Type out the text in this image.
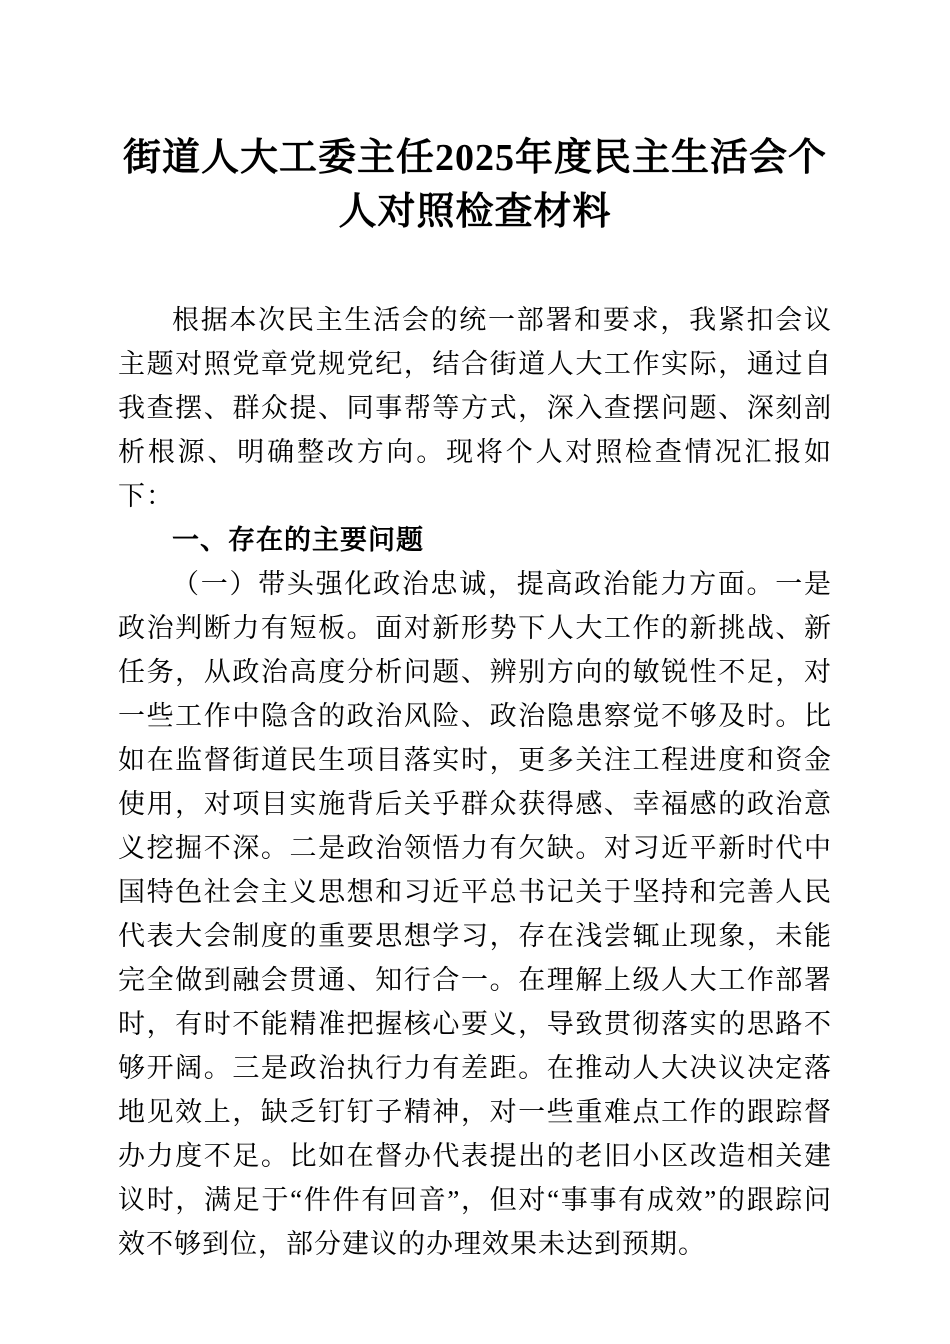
街道人大工委主任2025年度民主生活会个人对照检查材料

根据本次民主生活会的统一部署和要求，我紧扣会议主题对照党章党规党纪，结合街道人大工作实际，通过自我查摆、群众提、同事帮等方式，深入查摆问题、深刻剖析根源、明确整改方向。现将个人对照检查情况汇报如下：

一、存在的主要问题

（一）带头强化政治忠诚，提高政治能力方面。一是政治判断力有短板。面对新形势下人大工作的新挑战、新任务，从政治高度分析问题、辨别方向的敏锐性不足，对一些工作中隐含的政治风险、政治隐患察觉不够及时。比如在监督街道民生项目落实时，更多关注工程进度和资金使用，对项目实施背后关乎群众获得感、幸福感的政治意义挖掘不深。二是政治领悟力有欠缺。对习近平新时代中国特色社会主义思想和习近平总书记关于坚持和完善人民代表大会制度的重要思想学习，存在浅尝辄止现象，未能完全做到融会贯通、知行合一。在理解上级人大工作部署时，有时不能精准把握核心要义，导致贯彻落实的思路不够开阔。三是政治执行力有差距。在推动人大决议决定落地见效上，缺乏钉钉子精神，对一些重难点工作的跟踪督办力度不足。比如在督办代表提出的老旧小区改造相关建议时，满足于“件件有回音”，但对“事事有成效”的跟踪问效不够到位，部分建议的办理效果未达到预期。
